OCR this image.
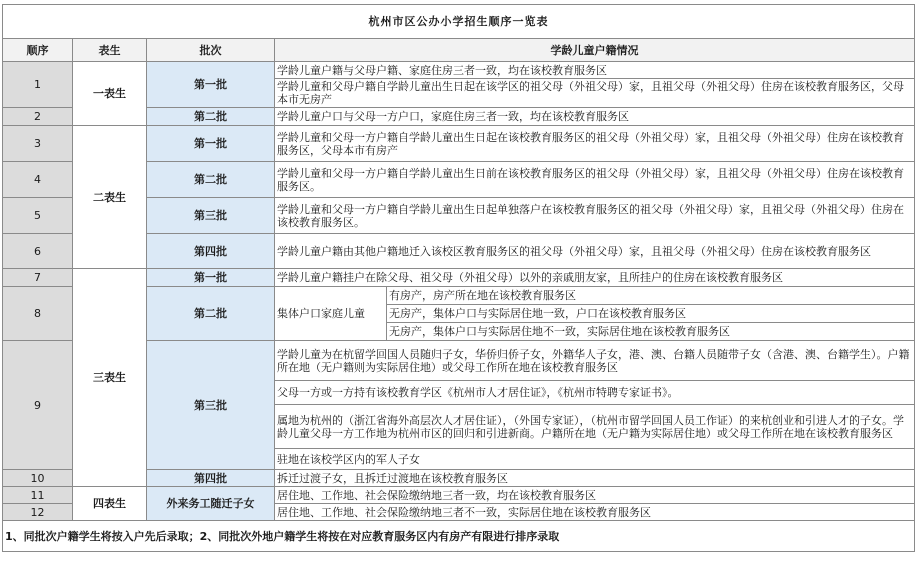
杭州市区公办小学招生顺序一览表				
顺序	表生	批次	学龄儿童户籍情况	
1	一表生	第一批	学龄儿童户籍与父母户籍、家庭住房三者一致，均在该校教育服务区	
			学龄儿童和父母户籍自学龄儿童出生日起在该学区的祖父母（外祖父母）家，且祖父母（外祖父母）住房在该校教育服务区，父母本市无房产	
2		第二批	学龄儿童户口与父母一方户口，家庭住房三者一致，均在该校教育服务区	
3	二表生	第一批	学龄儿童和父母一方户籍自学龄儿童出生日起在该校教育服务区的祖父母（外祖父母）家，且祖父母（外祖父母）住房在该校教育服务区，父母本市有房产	
4		第二批	学龄儿童和父母一方户籍自学龄儿童出生日前在该校教育服务区的祖父母（外祖父母）家，且祖父母（外祖父母）住房在该校教育服务区。	
5		第三批	学龄儿童和父母一方户籍自学龄儿童出生日起单独落户在该校教育服务区的祖父母（外祖父母）家，且祖父母（外祖父母）住房在该校教育服务区。	
6		第四批	学龄儿童户籍由其他户籍地迁入该校区教育服务区的祖父母（外祖父母）家，且祖父母（外祖父母）住房在该校教育服务区	
7	三表生	第一批	学龄儿童户籍挂户在除父母、祖父母（外祖父母）以外的亲戚朋友家，且所挂户的住房在该校教育服务区	
8		第二批	集体户口家庭儿童	有房产，房产所在地在该校教育服务区
				无房产，集体户口与实际居住地一致，户口在该校教育服务区
				无房产，集体户口与实际居住地不一致，实际居住地在该校教育服务区
9		第三批	学龄儿童为在杭留学回国人员随归子女，华侨归侨子女，外籍华人子女，港、澳、台籍人员随带子女（含港、澳、台籍学生）。户籍所在地（无户籍则为实际居住地）或父母工作所在地在该校教育服务区	
			父母一方或一方持有该校教育学区《杭州市人才居住证》，《杭州市特聘专家证书》。	
			属地为杭州的（浙江省海外高层次人才居住证），（外国专家证），（杭州市留学回国人员工作证）的来杭创业和引进人才的子女。学龄儿童父母一方工作地为杭州市区的回归和引进新商。户籍所在地（无户籍为实际居住地）或父母工作所在地在该校教育服务区	
			驻地在该校学区内的军人子女	
10		第四批	拆迁过渡子女，且拆迁过渡地在该校教育服务区	
11	四表生	外来务工随迁子女	居住地、工作地、社会保险缴纳地三者一致，均在该校教育服务区	
12			居住地、工作地、社会保险缴纳地三者不一致，实际居住地在该校教育服务区	
1、同批次户籍学生将按入户先后录取；2、同批次外地户籍学生将按在对应教育服务区内有房产有限进行排序录取				
